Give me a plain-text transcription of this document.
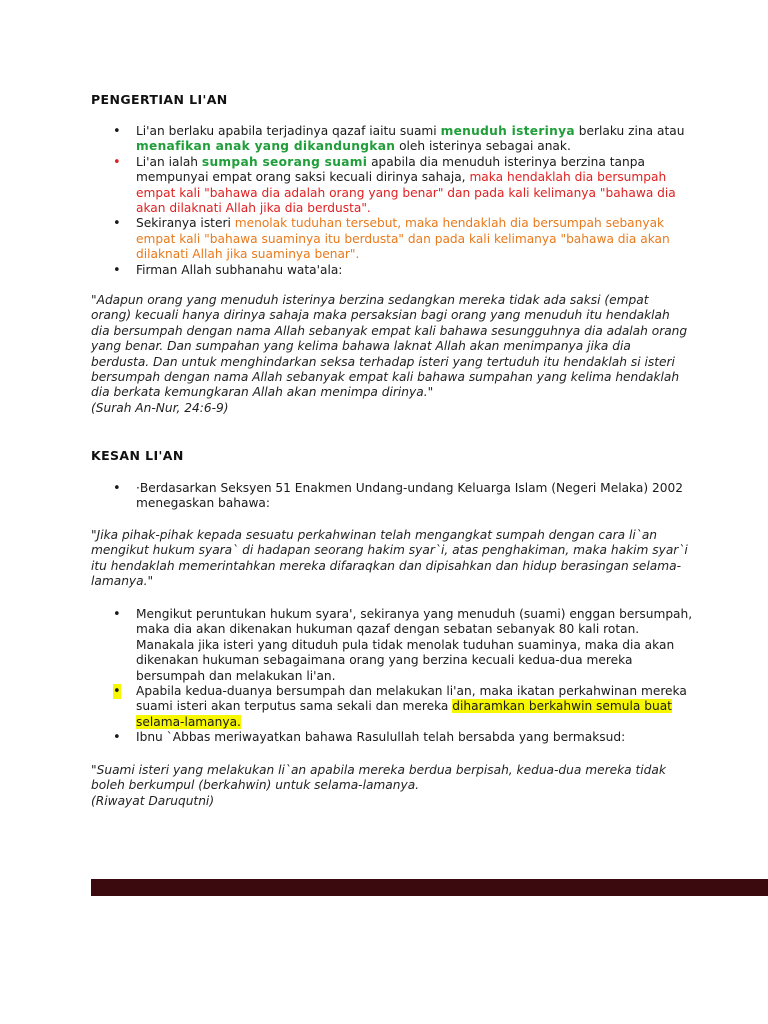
PENGERTIAN LI'AN
• Li'an berlaku apabila terjadinya qazaf iaitu suami menuduh isterinya berlaku zina atau menafikan anak yang dikandungkan oleh isterinya sebagai anak.
• Li'an ialah sumpah seorang suami apabila dia menuduh isterinya berzina tanpa mempunyai empat orang saksi kecuali dirinya sahaja, maka hendaklah dia bersumpah empat kali "bahawa dia adalah orang yang benar" dan pada kali kelimanya "bahawa dia akan dilaknati Allah jika dia berdusta".
• Sekiranya isteri menolak tuduhan tersebut, maka hendaklah dia bersumpah sebanyak empat kali "bahawa suaminya itu berdusta" dan pada kali kelimanya "bahawa dia akan dilaknati Allah jika suaminya benar".
• Firman Allah subhanahu wata'ala:

"Adapun orang yang menuduh isterinya berzina sedangkan mereka tidak ada saksi (empat orang) kecuali hanya dirinya sahaja maka persaksian bagi orang yang menuduh itu hendaklah dia bersumpah dengan nama Allah sebanyak empat kali bahawa sesungguhnya dia adalah orang yang benar. Dan sumpahan yang kelima bahawa laknat Allah akan menimpanya jika dia berdusta. Dan untuk menghindarkan seksa terhadap isteri yang tertuduh itu hendaklah si isteri bersumpah dengan nama Allah sebanyak empat kali bahawa sumpahan yang kelima hendaklah dia berkata kemungkaran Allah akan menimpa dirinya."
(Surah An-Nur, 24:6-9)

KESAN LI'AN
• ·Berdasarkan Seksyen 51 Enakmen Undang-undang Keluarga Islam (Negeri Melaka) 2002 menegaskan bahawa:

"Jika pihak-pihak kepada sesuatu perkahwinan telah mengangkat sumpah dengan cara li`an mengikut hukum syara` di hadapan seorang hakim syar`i, atas penghakiman, maka hakim syar`i itu hendaklah memerintahkan mereka difaraqkan dan dipisahkan dan hidup berasingan selama-lamanya."

• Mengikut peruntukan hukum syara', sekiranya yang menuduh (suami) enggan bersumpah, maka dia akan dikenakan hukuman qazaf dengan sebatan sebanyak 80 kali rotan. Manakala jika isteri yang dituduh pula tidak menolak tuduhan suaminya, maka dia akan dikenakan hukuman sebagaimana orang yang berzina kecuali kedua-dua mereka bersumpah dan melakukan li'an.
• Apabila kedua-duanya bersumpah dan melakukan li'an, maka ikatan perkahwinan mereka suami isteri akan terputus sama sekali dan mereka diharamkan berkahwin semula buat selama-lamanya.
• Ibnu `Abbas meriwayatkan bahawa Rasulullah telah bersabda yang bermaksud:

"Suami isteri yang melakukan li`an apabila mereka berdua berpisah, kedua-dua mereka tidak boleh berkumpul (berkahwin) untuk selama-lamanya.
(Riwayat Daruqutni)
